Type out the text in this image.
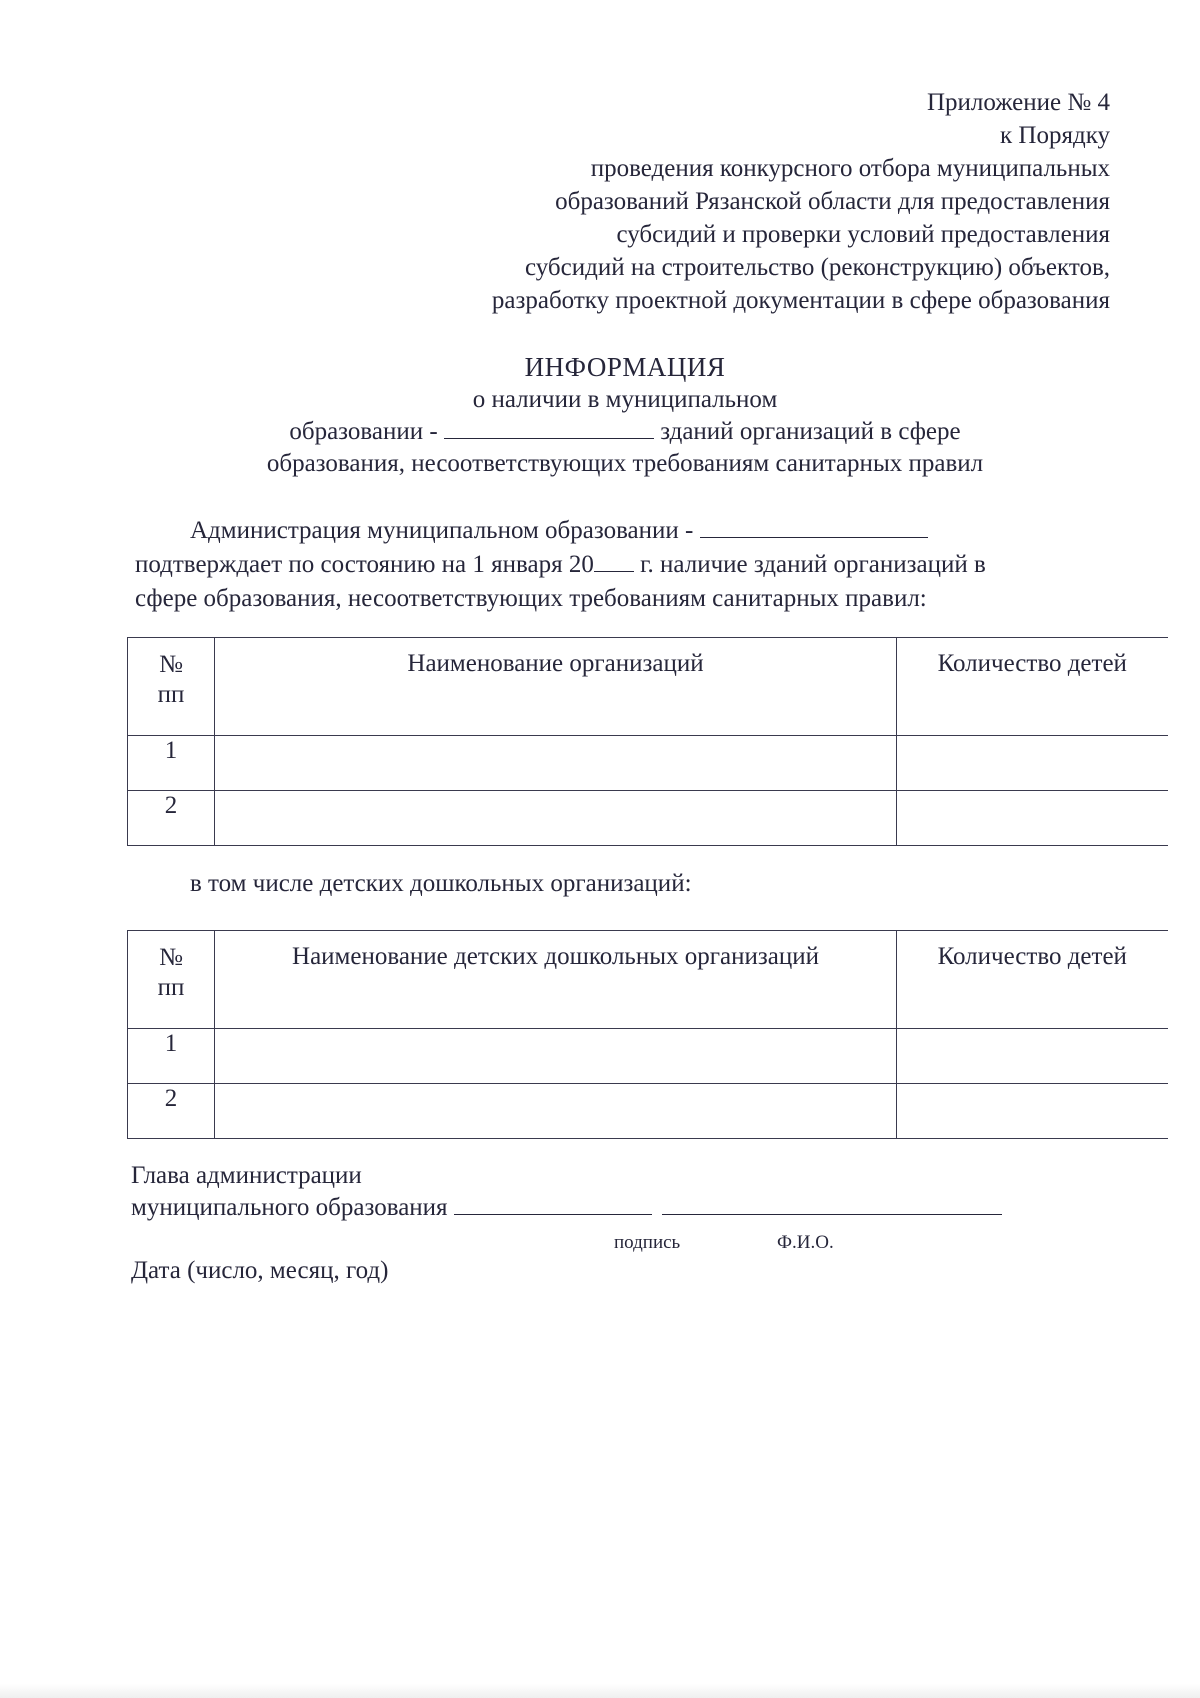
Приложение № 4
к Порядку
проведения конкурсного отбора муниципальных
образований Рязанской области для предоставления
субсидий и проверки условий предоставления
субсидий на строительство (реконструкцию) объектов,
разработку проектной документации в сфере образования
ИНФОРМАЦИЯ
о наличии в муниципальном
образовании -	зданий организаций в сфере
образования, несоответствующих требованиям санитарных правил
Администрация муниципальном образовании -
подтверждает по состоянию на 1 января 20 г. наличие зданий организаций в
сфере образования, несоответствующих требованиям санитарных правил:
№
пп	Наименование организаций	Количество детей
1		
2		
в том числе детских дошкольных организаций:
№
пп	Наименование детских дошкольных организаций	Количество детей
1		
2		
Глава администрации
муниципального образования
подпись	Ф.И.О.
Дата (число, месяц, год)
